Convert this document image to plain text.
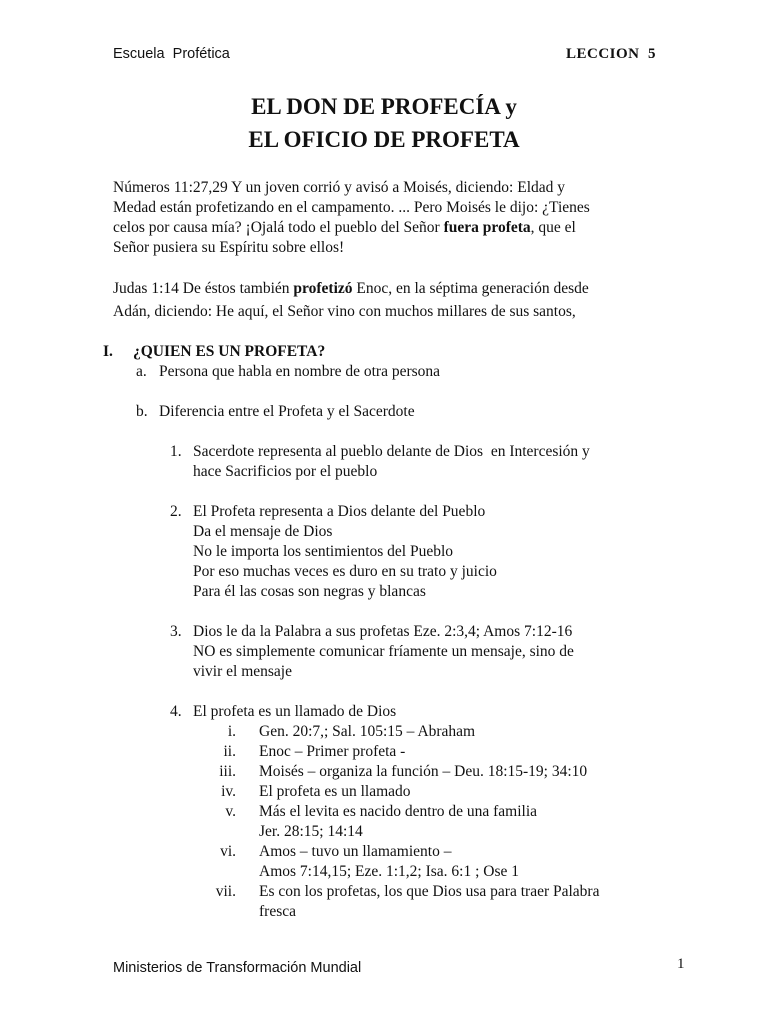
Escuela  Profética	LECCION  5
EL DON DE PROFECÍA y
EL OFICIO DE PROFETA
Números 11:27,29 Y un joven corrió y avisó a Moisés, diciendo: Eldad y
Medad están profetizando en el campamento. ... Pero Moisés le dijo: ¿Tienes
celos por causa mía? ¡Ojalá todo el pueblo del Señor fuera profeta, que el
Señor pusiera su Espíritu sobre ellos!
Judas 1:14 De éstos también profetizó Enoc, en la séptima generación desde
Adán, diciendo: He aquí, el Señor vino con muchos millares de sus santos,
I. ¿QUIEN ES UN PROFETA?
a. Persona que habla en nombre de otra persona
b. Diferencia entre el Profeta y el Sacerdote
1. Sacerdote representa al pueblo delante de Dios  en Intercesión y
hace Sacrificios por el pueblo
2. El Profeta representa a Dios delante del Pueblo
Da el mensaje de Dios
No le importa los sentimientos del Pueblo
Por eso muchas veces es duro en su trato y juicio
Para él las cosas son negras y blancas
3. Dios le da la Palabra a sus profetas Eze. 2:3,4; Amos 7:12-16
NO es simplemente comunicar fríamente un mensaje, sino de
vivir el mensaje
4. El profeta es un llamado de Dios
i. Gen. 20:7,; Sal. 105:15 – Abraham
ii. Enoc – Primer profeta -
iii. Moisés – organiza la función – Deu. 18:15-19; 34:10
iv. El profeta es un llamado
v. Más el levita es nacido dentro de una familia
Jer. 28:15; 14:14
vi. Amos – tuvo un llamamiento –
Amos 7:14,15; Eze. 1:1,2; Isa. 6:1 ; Ose 1
vii. Es con los profetas, los que Dios usa para traer Palabra
fresca
Ministerios de Transformación Mundial	1
